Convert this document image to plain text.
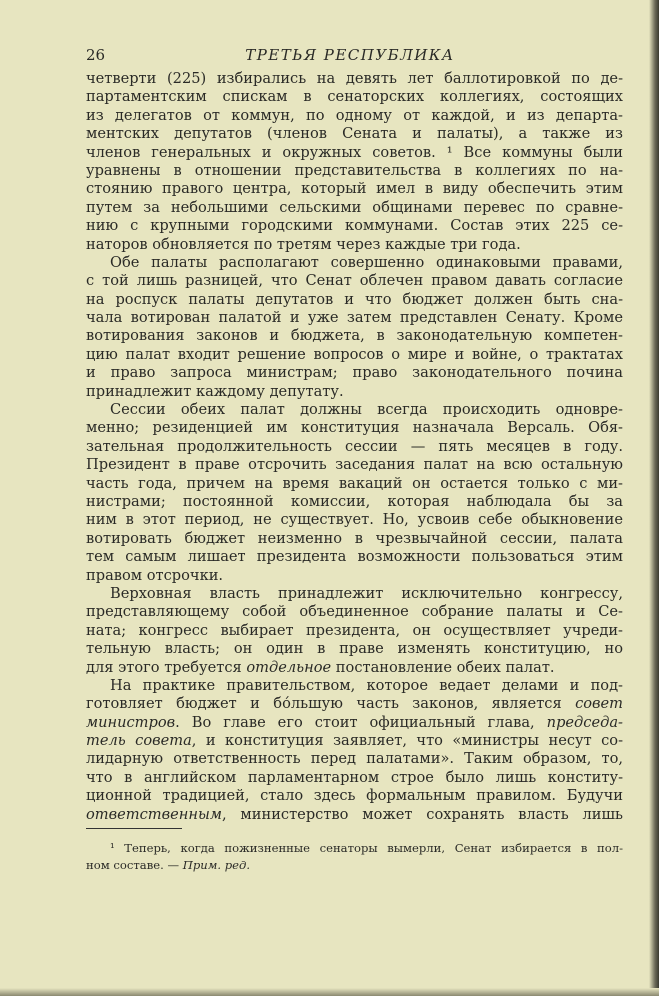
26	ТРЕТЬЯ РЕСПУБЛИКА
четверти (225) избирались на девять лет баллотировкой по де-
партаментским спискам в сенаторских коллегиях, состоящих
из делегатов от коммун, по одному от каждой, и из департа-
ментских депутатов (членов Сената и палаты), а также из
членов генеральных и окружных советов. ¹ Все коммуны были
уравнены в отношении представительства в коллегиях по на-
стоянию правого центра, который имел в виду обеспечить этим
путем за небольшими сельскими общинами перевес по сравне-
нию с крупными городскими коммунами. Состав этих 225 се-
наторов обновляется по третям через каждые три года.
Обе палаты располагают совершенно одинаковыми правами,
с той лишь разницей, что Сенат облечен правом давать согласие
на роспуск палаты депутатов и что бюджет должен быть сна-
чала вотирован палатой и уже затем представлен Сенату. Кроме
вотирования законов и бюджета, в законодательную компетен-
цию палат входит решение вопросов о мире и войне, о трактатах
и право запроса министрам; право законодательного почина
принадлежит каждому депутату.
Сессии обеих палат должны всегда происходить одновре-
менно; резиденцией им конституция назначала Версаль. Обя-
зательная продолжительность сессии — пять месяцев в году.
Президент в праве отсрочить заседания палат на всю остальную
часть года, причем на время вакаций он остается только с ми-
нистрами; постоянной комиссии, которая наблюдала бы за
ним в этот период, не существует. Но, усвоив себе обыкновение
вотировать бюджет неизменно в чрезвычайной сессии, палата
тем самым лишает президента возможности пользоваться этим
правом отсрочки.
Верховная власть принадлежит исключительно конгрессу,
представляющему собой объединенное собрание палаты и Се-
ната; конгресс выбирает президента, он осуществляет учреди-
тельную власть; он один в праве изменять конституцию, но
для этого требуется отдельное постановление обеих палат.
На практике правительством, которое ведает делами и под-
готовляет бюджет и бо́льшую часть законов, является совет
министров. Во главе его стоит официальный глава, председа-
тель совета, и конституция заявляет, что «министры несут со-
лидарную ответственность перед палатами». Таким образом, то,
что в английском парламентарном строе было лишь конститу-
ционной традицией, стало здесь формальным правилом. Будучи
ответственным, министерство может сохранять власть лишь
¹ Теперь, когда пожизненные сенаторы вымерли, Сенат избирается в пол-
ном составе. — Прим. ред.
